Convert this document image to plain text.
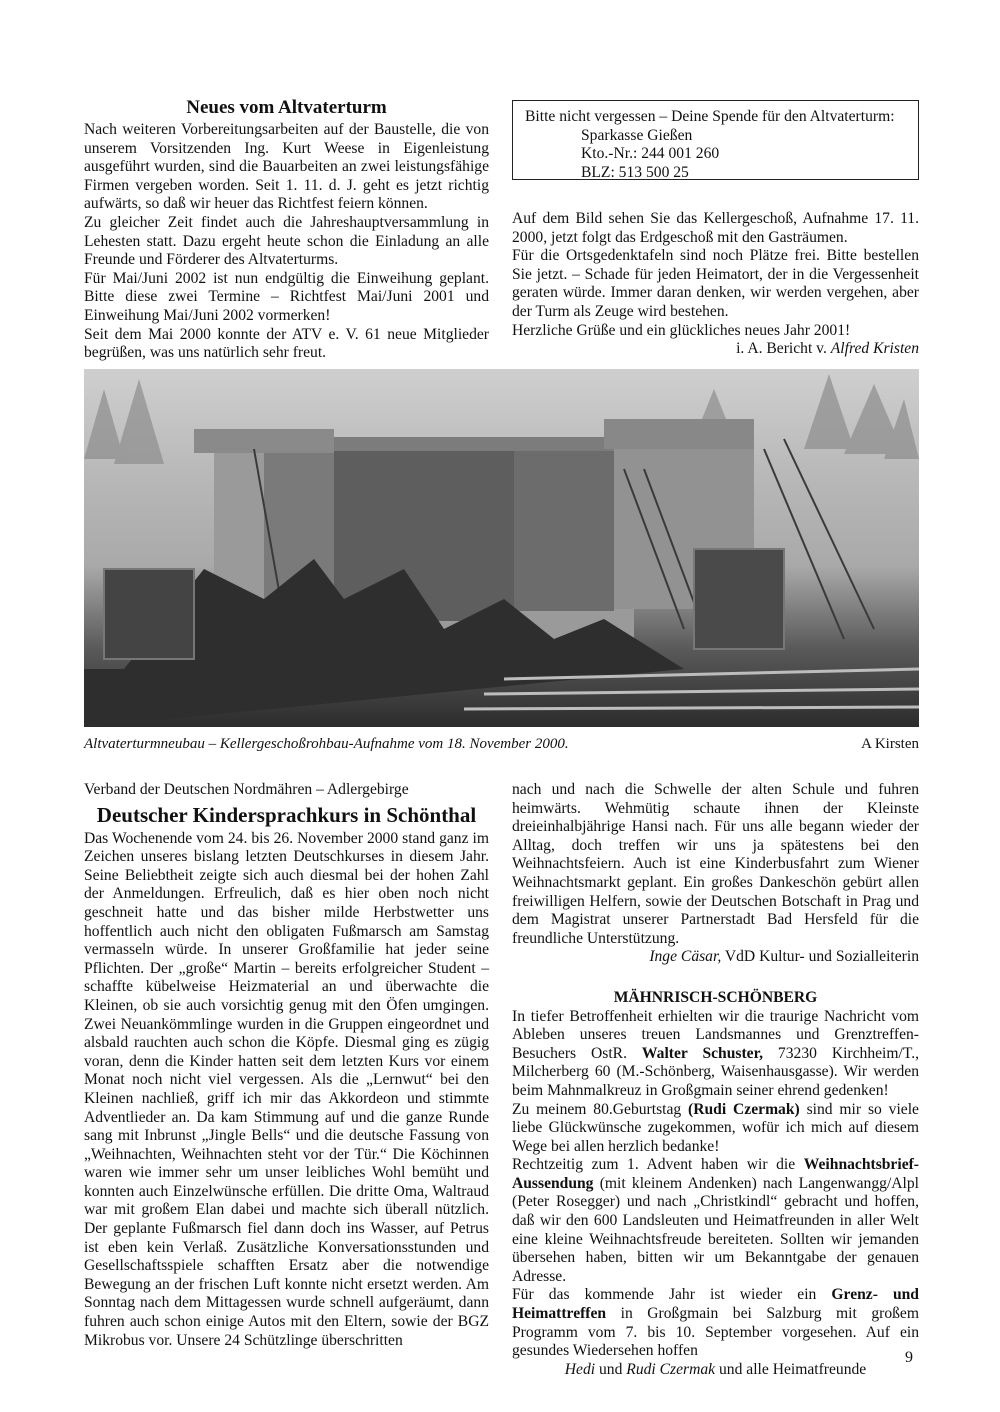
Neues vom Altvaterturm

Nach weiteren Vorbereitungsarbeiten auf der Baustelle, die von unserem Vorsitzenden Ing. Kurt Weese in Eigenleistung ausgeführt wurden, sind die Bauarbeiten an zwei leistungsfähige Firmen vergeben worden. Seit 1. 11. d. J. geht es jetzt richtig aufwärts, so daß wir heuer das Richtfest feiern können.

Zu gleicher Zeit findet auch die Jahreshauptversammlung in Lehesten statt. Dazu ergeht heute schon die Einladung an alle Freunde und Förderer des Altvaterturms.

Für Mai/Juni 2002 ist nun endgültig die Einweihung geplant. Bitte diese zwei Termine – Richtfest Mai/Juni 2001 und Einweihung Mai/Juni 2002 vormerken!

Seit dem Mai 2000 konnte der ATV e. V. 61 neue Mitglieder begrüßen, was uns natürlich sehr freut.

Bitte nicht vergessen – Deine Spende für den Altvaterturm:

Sparkasse Gießen

Kto.-Nr.: 244 001 260

BLZ: 513 500 25

Auf dem Bild sehen Sie das Kellergeschoß, Aufnahme 17. 11. 2000, jetzt folgt das Erdgeschoß mit den Gasträumen.

Für die Ortsgedenktafeln sind noch Plätze frei. Bitte bestellen Sie jetzt. – Schade für jeden Heimatort, der in die Vergessenheit geraten würde. Immer daran denken, wir werden vergehen, aber der Turm als Zeuge wird bestehen.

Herzliche Grüße und ein glückliches neues Jahr 2001!

i. A. Bericht v. Alfred Kristen

Altvaterturmneubau – Kellergeschoßrohbau-Aufnahme vom 18. November 2000.	A Kirsten

Verband der Deutschen Nordmähren – Adlergebirge

Deutscher Kindersprachkurs in Schönthal

Das Wochenende vom 24. bis 26. November 2000 stand ganz im Zeichen unseres bislang letzten Deutschkurses in diesem Jahr. Seine Beliebtheit zeigte sich auch diesmal bei der hohen Zahl der Anmeldungen. Erfreulich, daß es hier oben noch nicht geschneit hatte und das bisher milde Herbstwetter uns hoffentlich auch nicht den obligaten Fußmarsch am Samstag vermasseln würde. In unserer Großfamilie hat jeder seine Pflichten. Der „große“ Martin – bereits erfolgreicher Student – schaffte kübelweise Heizmaterial an und überwachte die Kleinen, ob sie auch vorsichtig genug mit den Öfen umgingen. Zwei Neuankömmlinge wurden in die Gruppen eingeordnet und alsbald rauchten auch schon die Köpfe. Diesmal ging es zügig voran, denn die Kinder hatten seit dem letzten Kurs vor einem Monat noch nicht viel vergessen. Als die „Lernwut“ bei den Kleinen nachließ, griff ich mir das Akkordeon und stimmte Adventlieder an. Da kam Stimmung auf und die ganze Runde sang mit Inbrunst „Jingle Bells“ und die deutsche Fassung von „Weihnachten, Weihnachten steht vor der Tür.“ Die Köchinnen waren wie immer sehr um unser leibliches Wohl bemüht und konnten auch Einzelwünsche erfüllen. Die dritte Oma, Waltraud war mit großem Elan dabei und machte sich überall nützlich. Der geplante Fußmarsch fiel dann doch ins Wasser, auf Petrus ist eben kein Verlaß. Zusätzliche Konversationsstunden und Gesellschaftsspiele schafften Ersatz aber die notwendige Bewegung an der frischen Luft konnte nicht ersetzt werden. Am Sonntag nach dem Mittagessen wurde schnell aufgeräumt, dann fuhren auch schon einige Autos mit den Eltern, sowie der BGZ Mikrobus vor. Unsere 24 Schützlinge überschritten

nach und nach die Schwelle der alten Schule und fuhren heimwärts. Wehmütig schaute ihnen der Kleinste dreieinhalbjährige Hansi nach. Für uns alle begann wieder der Alltag, doch treffen wir uns ja spätestens bei den Weihnachtsfeiern. Auch ist eine Kinderbusfahrt zum Wiener Weihnachtsmarkt geplant. Ein großes Dankeschön gebürt allen freiwilligen Helfern, sowie der Deutschen Botschaft in Prag und dem Magistrat unserer Partnerstadt Bad Hersfeld für die freundliche Unterstützung.

Inge Cäsar, VdD Kultur- und Sozialleiterin

MÄHNRISCH-SCHÖNBERG

In tiefer Betroffenheit erhielten wir die traurige Nachricht vom Ableben unseres treuen Landsmannes und Grenztreffen-Besuchers OstR. Walter Schuster, 73230 Kirchheim/T., Milcherberg 60 (M.-Schönberg, Waisenhausgasse). Wir werden beim Mahnmalkreuz in Großgmain seiner ehrend gedenken!

Zu meinem 80.Geburtstag (Rudi Czermak) sind mir so viele liebe Glückwünsche zugekommen, wofür ich mich auf diesem Wege bei allen herzlich bedanke!

Rechtzeitig zum 1. Advent haben wir die Weihnachtsbrief-Aussendung (mit kleinem Andenken) nach Langenwangg/Alpl (Peter Rosegger) und nach „Christkindl“ gebracht und hoffen, daß wir den 600 Landsleuten und Heimatfreunden in aller Welt eine kleine Weihnachtsfreude bereiteten. Sollten wir jemanden übersehen haben, bitten wir um Bekanntgabe der genauen Adresse.

Für das kommende Jahr ist wieder ein Grenz- und Heimattreffen in Großgmain bei Salzburg mit großem Programm vom 7. bis 10. September vorgesehen. Auf ein gesundes Wiedersehen hoffen

Hedi und Rudi Czermak und alle Heimatfreunde

9
